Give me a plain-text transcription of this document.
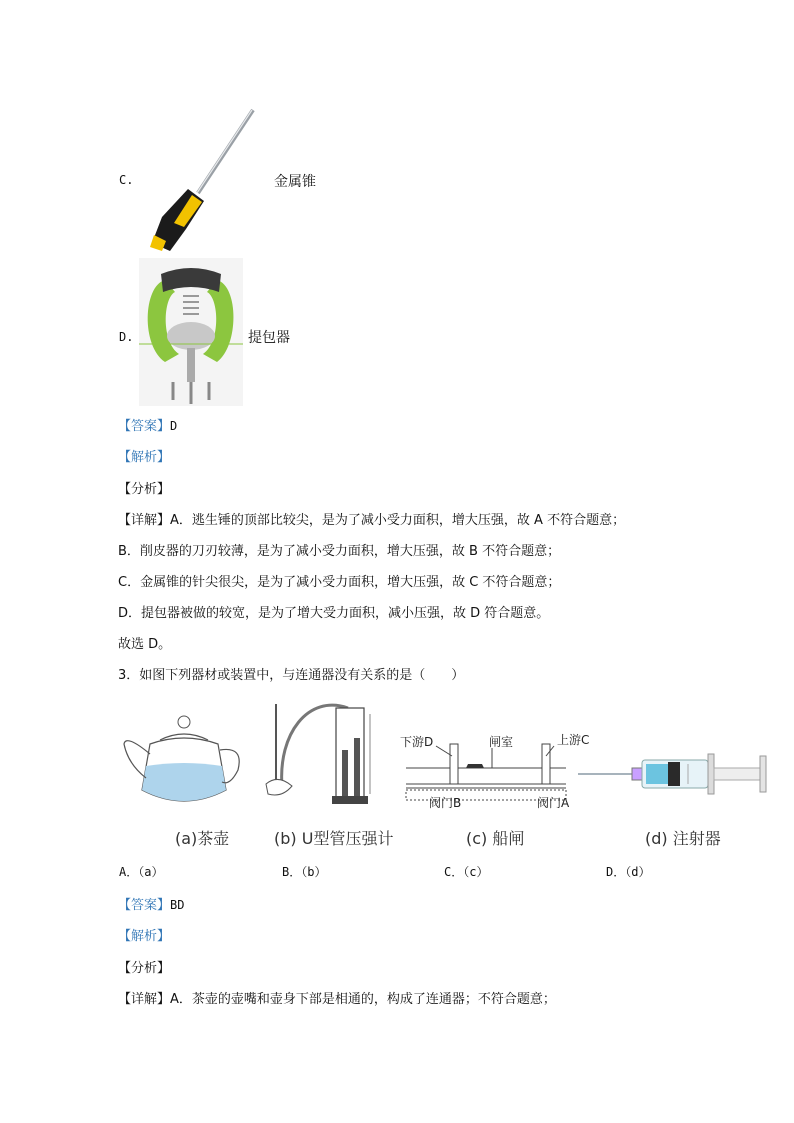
C.	金属锥
D.	提包器
【答案】D
【解析】
【分析】
【详解】A．逃生锤的顶部比较尖，是为了减小受力面积，增大压强，故 A 不符合题意；
B．削皮器的刀刃较薄，是为了减小受力面积，增大压强，故 B 不符合题意；
C．金属锥的针尖很尖，是为了减小受力面积，增大压强，故 C 不符合题意；
D．提包器被做的较宽，是为了增大受力面积，减小压强，故 D 符合题意。
故选 D。
3．如图下列器材或装置中，与连通器没有关系的是（　　）
(a)茶壶	(b) U型管压强计
下游D	闸室	上游C
阀门B	阀门A
(c) 船闸	(d) 注射器
A．（a）	B．（b）	C．（c）	D．（d）
【答案】BD
【解析】
【分析】
【详解】A．茶壶的壶嘴和壶身下部是相通的，构成了连通器；不符合题意；
